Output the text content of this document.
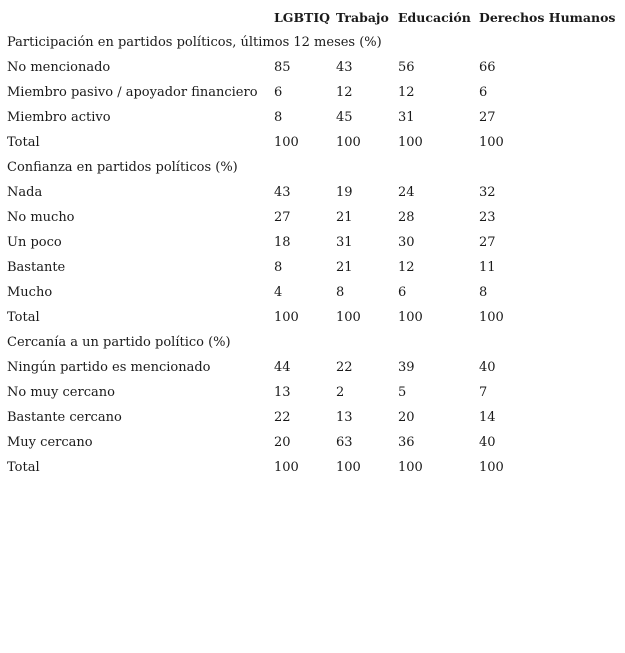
LGBTIQ Trabajo Educación Derechos Humanos
Participación en partidos políticos, últimos 12 meses (%)
No mencionado	85	43	56	66
Miembro pasivo / apoyador financiero	6	12	12	6
Miembro activo	8	45	31	27
Total	100	100	100	100
Confianza en partidos políticos (%)
Nada	43	19	24	32
No mucho	27	21	28	23
Un poco	18	31	30	27
Bastante	8	21	12	11
Mucho	4	8	6	8
Total	100	100	100	100
Cercanía a un partido político (%)
Ningún partido es mencionado	44	22	39	40
No muy cercano	13	2	5	7
Bastante cercano	22	13	20	14
Muy cercano	20	63	36	40
Total	100	100	100	100
